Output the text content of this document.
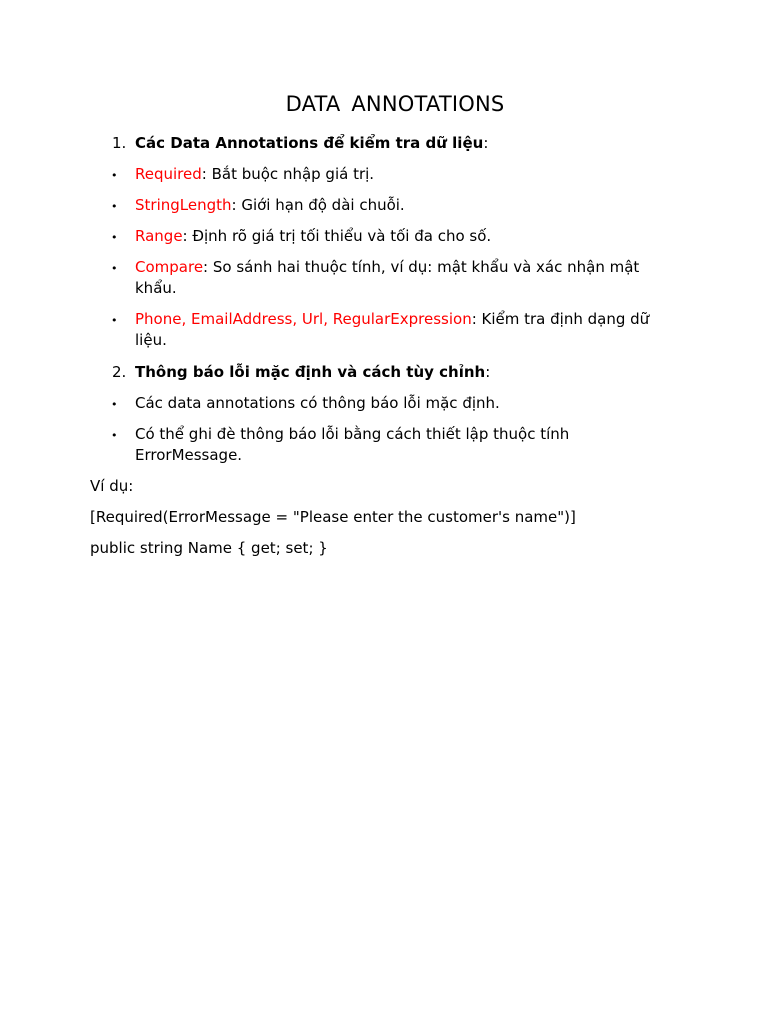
DATA ANNOTATIONS
1. Các Data Annotations để kiểm tra dữ liệu:
• Required: Bắt buộc nhập giá trị.
• StringLength: Giới hạn độ dài chuỗi.
• Range: Định rõ giá trị tối thiểu và tối đa cho số.
• Compare: So sánh hai thuộc tính, ví dụ: mật khẩu và xác nhận mật khẩu.
• Phone, EmailAddress, Url, RegularExpression: Kiểm tra định dạng dữ liệu.
2. Thông báo lỗi mặc định và cách tùy chỉnh:
• Các data annotations có thông báo lỗi mặc định.
• Có thể ghi đè thông báo lỗi bằng cách thiết lập thuộc tính ErrorMessage.
Ví dụ:
[Required(ErrorMessage = "Please enter the customer's name")]
public string Name { get; set; }
